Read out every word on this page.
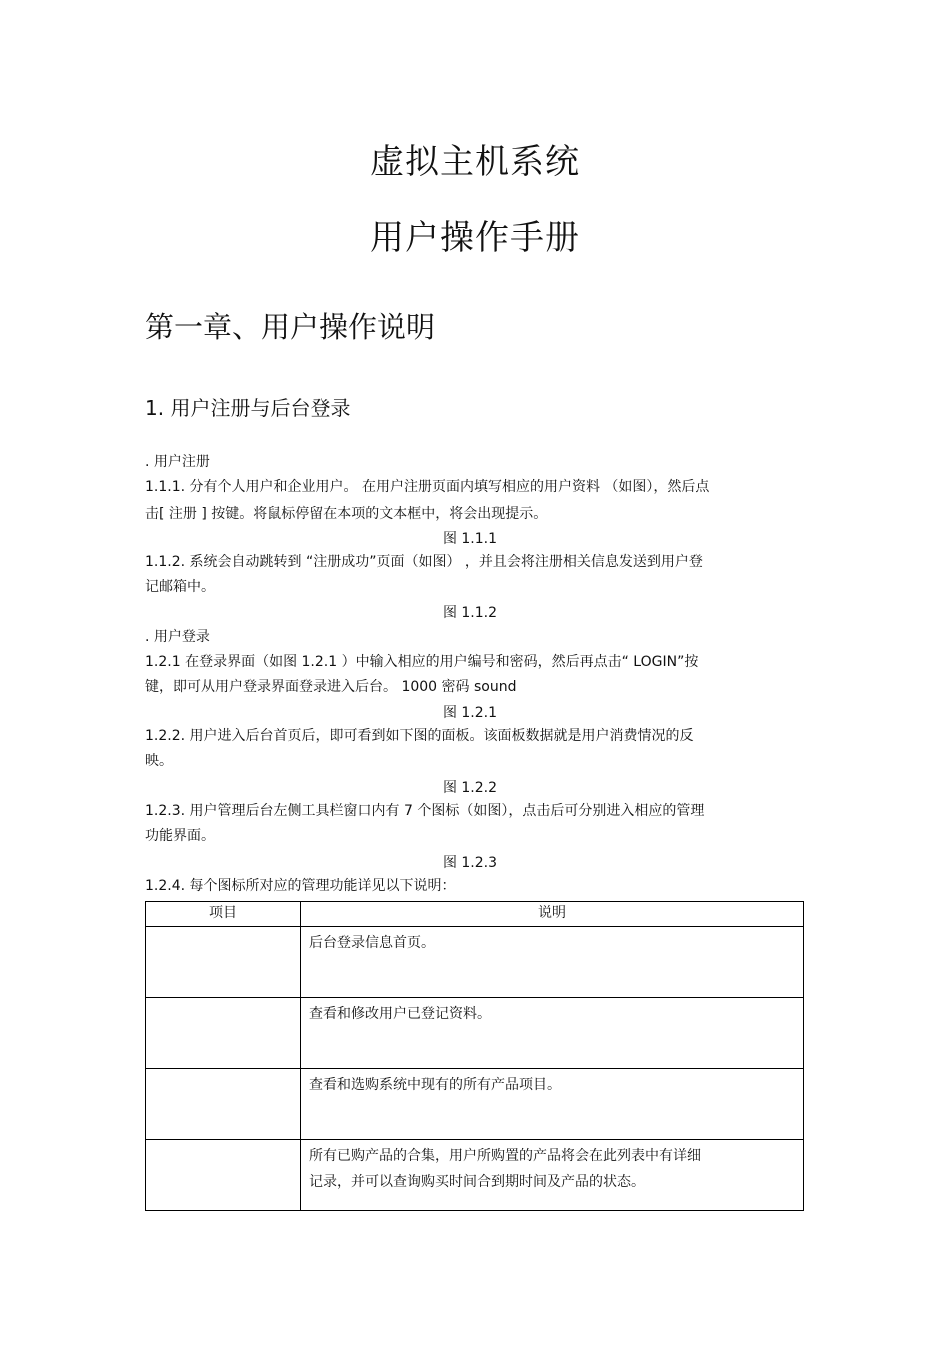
虚拟主机系统
用户操作手册
第一章、用户操作说明
1. 用户注册与后台登录
. 用户注册
1.1.1. 分有个人用户和企业用户。 在用户注册页面内填写相应的用户资料 （如图），然后点
击[ 注册 ] 按键。将鼠标停留在本项的文本框中，将会出现提示。
图 1.1.1
1.1.2. 系统会自动跳转到 “注册成功”页面（如图） ，并且会将注册相关信息发送到用户登
记邮箱中。
图 1.1.2
. 用户登录
1.2.1 在登录界面（如图 1.2.1 ）中输入相应的用户编号和密码，然后再点击“ LOGIN”按
键，即可从用户登录界面登录进入后台。 1000 密码 sound
图 1.2.1
1.2.2. 用户进入后台首页后，即可看到如下图的面板。该面板数据就是用户消费情况的反
映。
图 1.2.2
1.2.3. 用户管理后台左侧工具栏窗口内有 7 个图标（如图），点击后可分别进入相应的管理
功能界面。
图 1.2.3
1.2.4. 每个图标所对应的管理功能详见以下说明：
项目	说明

	后台登录信息首页。

	查看和修改用户已登记资料。

	查看和选购系统中现有的所有产品项目。

	所有已购产品的合集，用户所购置的产品将会在此列表中有详细
记录，并可以查询购买时间合到期时间及产品的状态。
